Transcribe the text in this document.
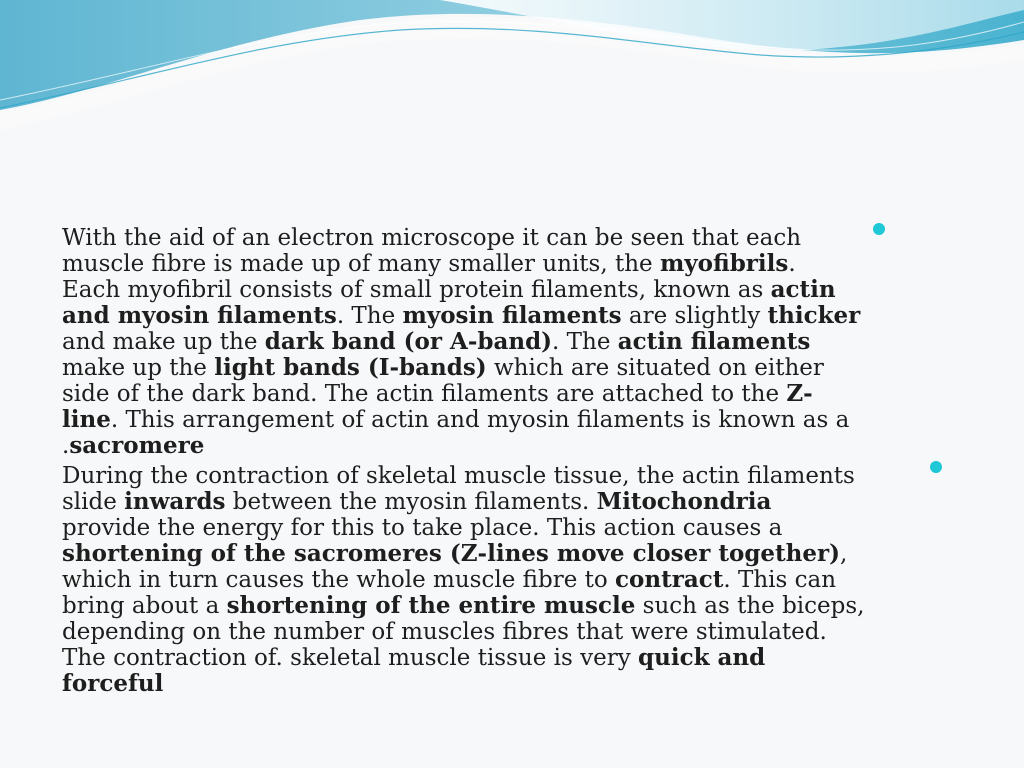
With the aid of an electron microscope it can be seen that each
muscle fibre is made up of many smaller units, the myofibrils.
Each myofibril consists of small protein filaments, known as actin
and myosin filaments. The myosin filaments are slightly thicker
and make up the dark band (or A-band). The actin filaments
make up the light bands (I-bands) which are situated on either
side of the dark band. The actin filaments are attached to the Z-
line. This arrangement of actin and myosin filaments is known as a
.sacromere
During the contraction of skeletal muscle tissue, the actin filaments
slide inwards between the myosin filaments. Mitochondria
provide the energy for this to take place. This action causes a
shortening of the sacromeres (Z-lines move closer together),
which in turn causes the whole muscle fibre to contract. This can
bring about a shortening of the entire muscle such as the biceps,
depending on the number of muscles fibres that were stimulated.
The contraction of. skeletal muscle tissue is very quick and
forceful
